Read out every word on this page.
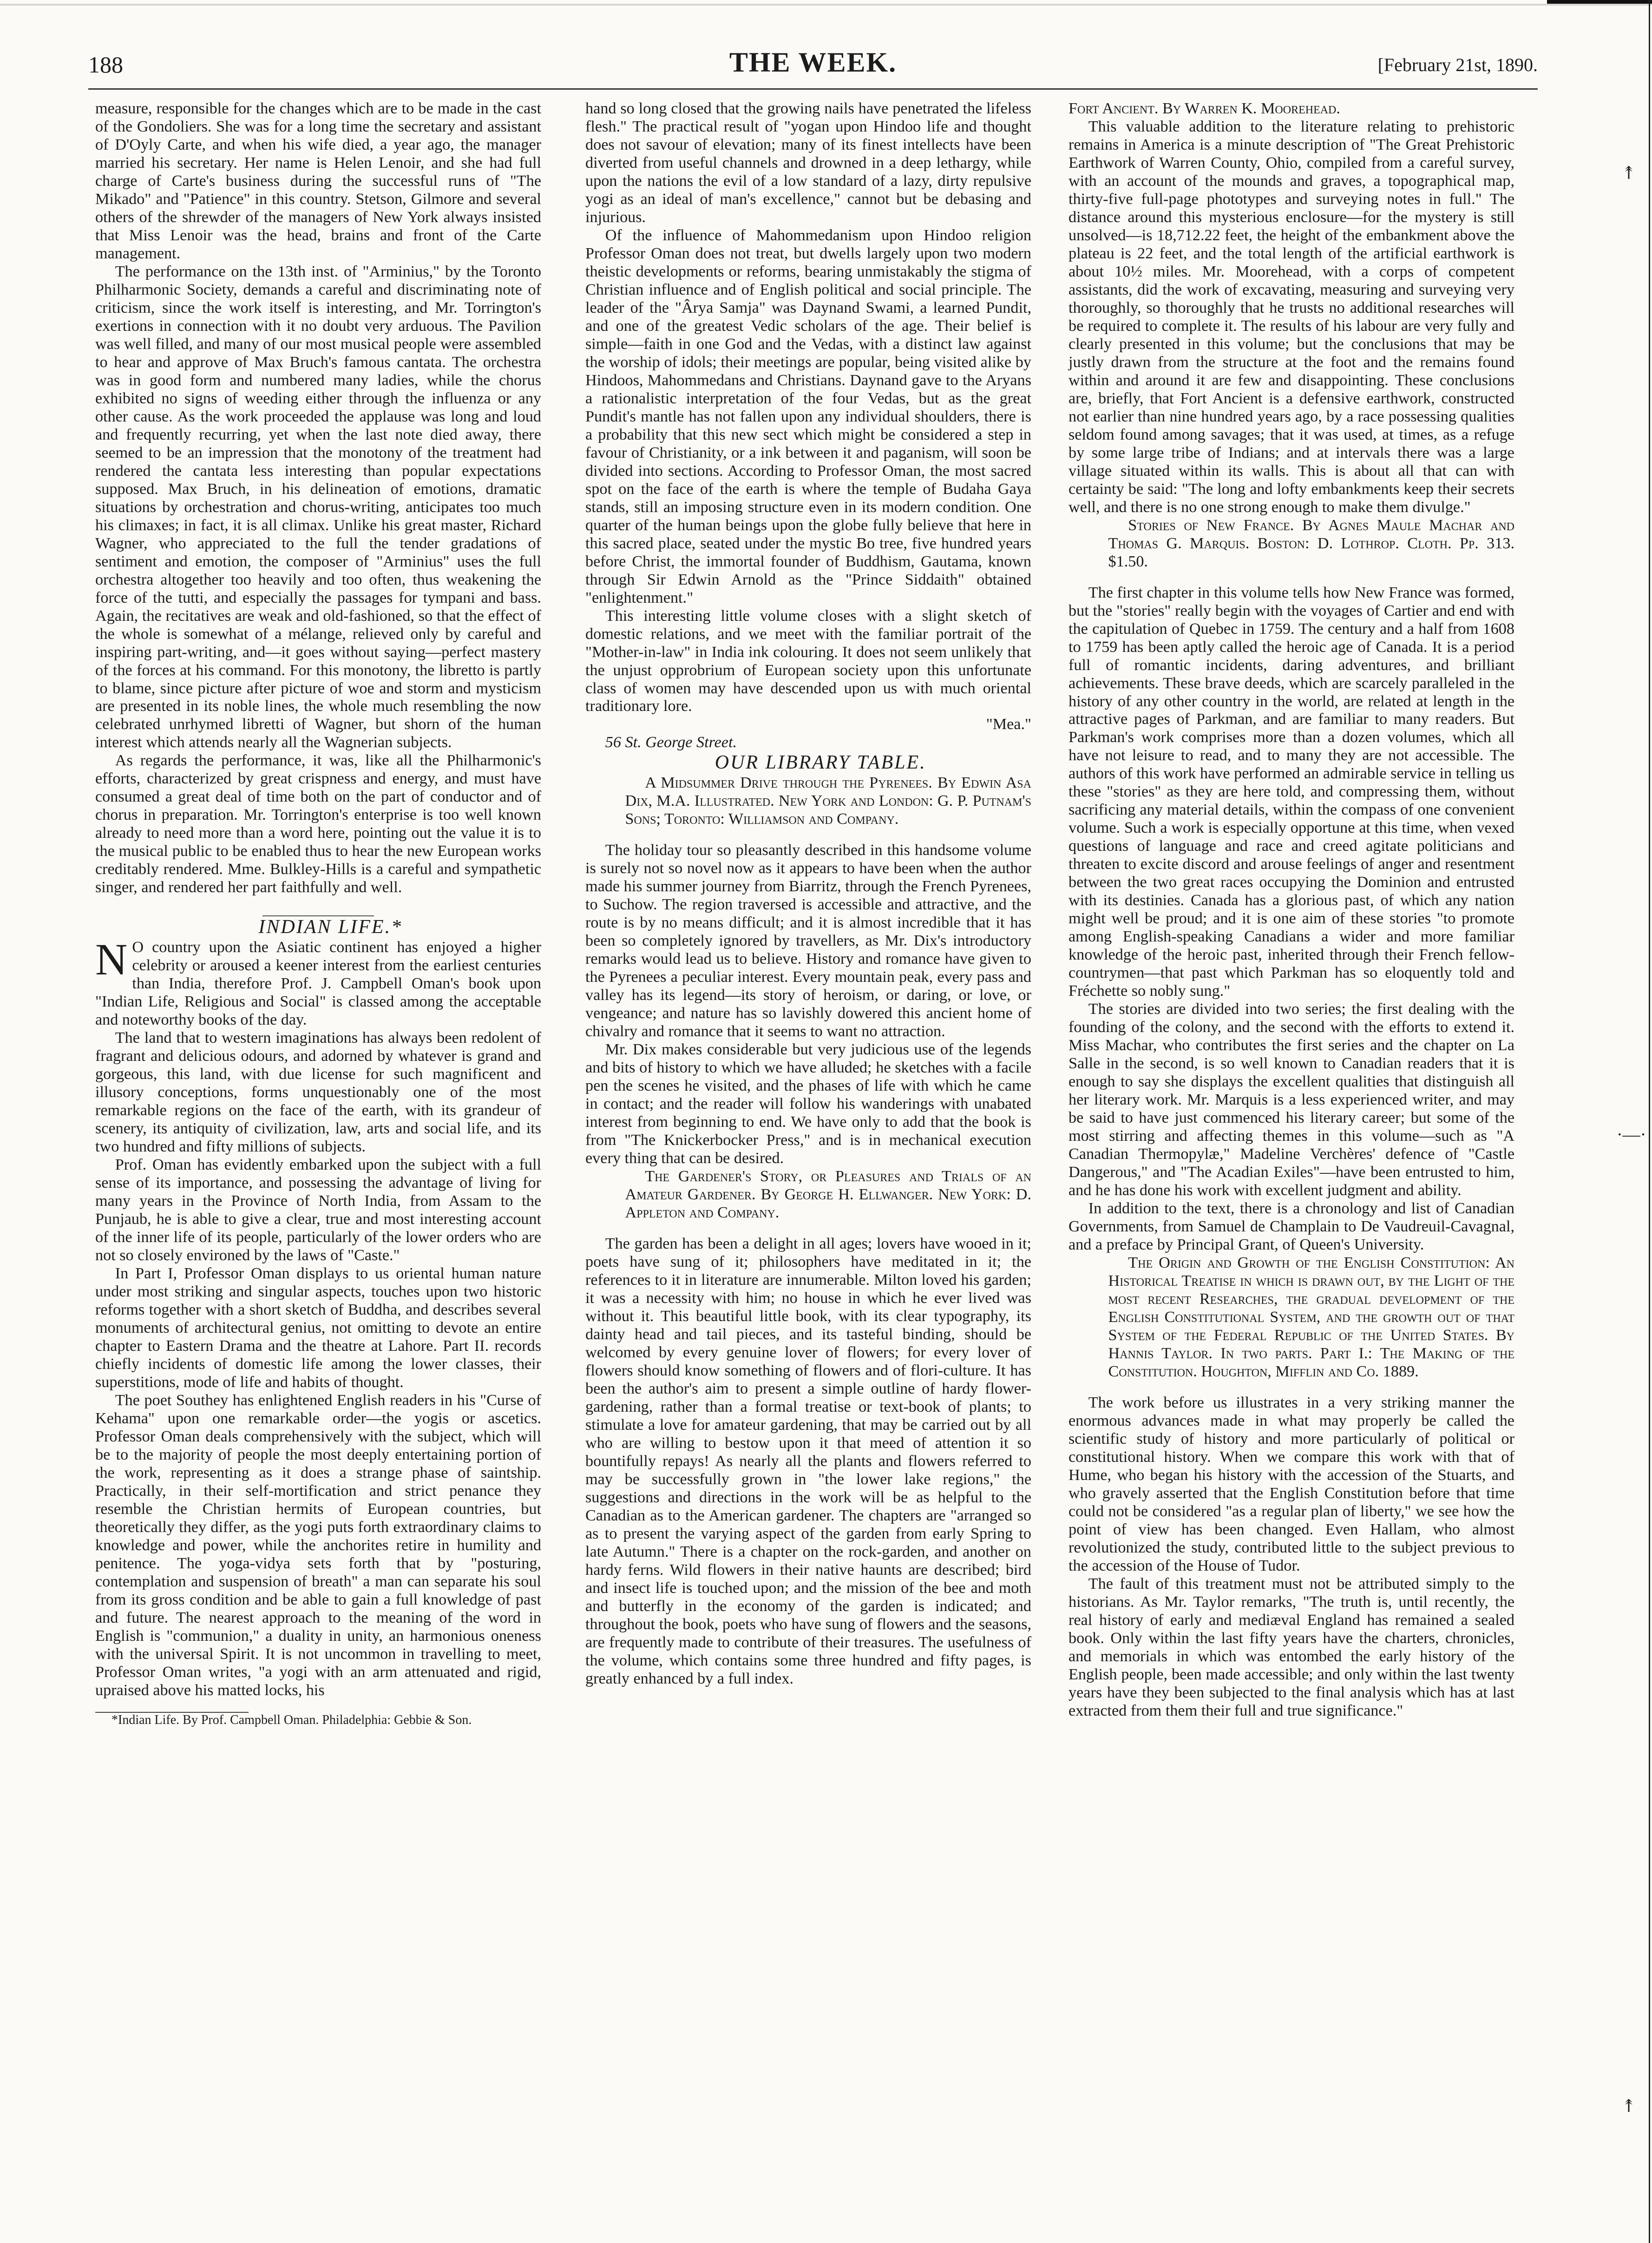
188	THE WEEK.	[February 21st, 1890.

measure, responsible for the changes which are to be made in the cast of the Gondoliers. She was for a long time the secretary and assistant of D'Oyly Carte, and when his wife died, a year ago, the manager married his secretary. Her name is Helen Lenoir, and she had full charge of Carte's business during the successful runs of "The Mikado" and "Patience" in this country. Stetson, Gilmore and several others of the shrewder of the managers of New York always insisted that Miss Lenoir was the head, brains and front of the Carte management.

The performance on the 13th inst. of "Arminius," by the Toronto Philharmonic Society, demands a careful and discriminating note of criticism, since the work itself is interesting, and Mr. Torrington's exertions in connection with it no doubt very arduous. The Pavilion was well filled, and many of our most musical people were assembled to hear and approve of Max Bruch's famous cantata. The orchestra was in good form and numbered many ladies, while the chorus exhibited no signs of weeding either through the influenza or any other cause. As the work proceeded the applause was long and loud and frequently recurring, yet when the last note died away, there seemed to be an impression that the monotony of the treatment had rendered the cantata less interesting than popular expectations supposed. Max Bruch, in his delineation of emotions, dramatic situations by orchestration and chorus-writing, anticipates too much his climaxes; in fact, it is all climax. Unlike his great master, Richard Wagner, who appreciated to the full the tender gradations of sentiment and emotion, the composer of "Arminius" uses the full orchestra altogether too heavily and too often, thus weakening the force of the tutti, and especially the passages for tympani and bass. Again, the recitatives are weak and old-fashioned, so that the effect of the whole is somewhat of a mélange, relieved only by careful and inspiring part-writing, and—it goes without saying—perfect mastery of the forces at his command. For this monotony, the libretto is partly to blame, since picture after picture of woe and storm and mysticism are presented in its noble lines, the whole much resembling the now celebrated unrhymed libretti of Wagner, but shorn of the human interest which attends nearly all the Wagnerian subjects.

As regards the performance, it was, like all the Philharmonic's efforts, characterized by great crispness and energy, and must have consumed a great deal of time both on the part of conductor and of chorus in preparation. Mr. Torrington's enterprise is too well known already to need more than a word here, pointing out the value it is to the musical public to be enabled thus to hear the new European works creditably rendered. Mme. Bulkley-Hills is a careful and sympathetic singer, and rendered her part faithfully and well.

INDIAN LIFE.*

N O country upon the Asiatic continent has enjoyed a higher celebrity or aroused a keener interest from the earliest centuries than India, therefore Prof. J. Campbell Oman's book upon "Indian Life, Religious and Social" is classed among the acceptable and noteworthy books of the day.

The land that to western imaginations has always been redolent of fragrant and delicious odours, and adorned by whatever is grand and gorgeous, this land, with due license for such magnificent and illusory conceptions, forms unquestionably one of the most remarkable regions on the face of the earth, with its grandeur of scenery, its antiquity of civilization, law, arts and social life, and its two hundred and fifty millions of subjects.

Prof. Oman has evidently embarked upon the subject with a full sense of its importance, and possessing the advantage of living for many years in the Province of North India, from Assam to the Punjaub, he is able to give a clear, true and most interesting account of the inner life of its people, particularly of the lower orders who are not so closely environed by the laws of "Caste."

In Part I, Professor Oman displays to us oriental human nature under most striking and singular aspects, touches upon two historic reforms together with a short sketch of Buddha, and describes several monuments of architectural genius, not omitting to devote an entire chapter to Eastern Drama and the theatre at Lahore. Part II. records chiefly incidents of domestic life among the lower classes, their superstitions, mode of life and habits of thought.

The poet Southey has enlightened English readers in his "Curse of Kehama" upon one remarkable order—the yogis or ascetics. Professor Oman deals comprehensively with the subject, which will be to the majority of people the most deeply entertaining portion of the work, representing as it does a strange phase of saintship. Practically, in their self-mortification and strict penance they resemble the Christian hermits of European countries, but theoretically they differ, as the yogi puts forth extraordinary claims to knowledge and power, while the anchorites retire in humility and penitence. The yoga-vidya sets forth that by "posturing, contemplation and suspension of breath" a man can separate his soul from its gross condition and be able to gain a full knowledge of past and future. The nearest approach to the meaning of the word in English is "communion," a duality in unity, an harmonious oneness with the universal Spirit. It is not uncommon in travelling to meet, Professor Oman writes, "a yogi with an arm attenuated and rigid, upraised above his matted locks, his

*Indian Life. By Prof. Campbell Oman. Philadelphia: Gebbie & Son.

hand so long closed that the growing nails have penetrated the lifeless flesh." The practical result of "yogan upon Hindoo life and thought does not savour of elevation; many of its finest intellects have been diverted from useful channels and drowned in a deep lethargy, while upon the nations the evil of a low standard of a lazy, dirty repulsive yogi as an ideal of man's excellence," cannot but be debasing and injurious.

Of the influence of Mahommedanism upon Hindoo religion Professor Oman does not treat, but dwells largely upon two modern theistic developments or reforms, bearing unmistakably the stigma of Christian influence and of English political and social principle. The leader of the "Ârya Samja" was Daynand Swami, a learned Pundit, and one of the greatest Vedic scholars of the age. Their belief is simple—faith in one God and the Vedas, with a distinct law against the worship of idols; their meetings are popular, being visited alike by Hindoos, Mahommedans and Christians. Daynand gave to the Aryans a rationalistic interpretation of the four Vedas, but as the great Pundit's mantle has not fallen upon any individual shoulders, there is a probability that this new sect which might be considered a step in favour of Christianity, or a ink between it and paganism, will soon be divided into sections. According to Professor Oman, the most sacred spot on the face of the earth is where the temple of Budaha Gaya stands, still an imposing structure even in its modern condition. One quarter of the human beings upon the globe fully believe that here in this sacred place, seated under the mystic Bo tree, five hundred years before Christ, the immortal founder of Buddhism, Gautama, known through Sir Edwin Arnold as the "Prince Siddaith" obtained "enlightenment."

This interesting little volume closes with a slight sketch of domestic relations, and we meet with the familiar portrait of the "Mother-in-law" in India ink colouring. It does not seem unlikely that the unjust opprobrium of European society upon this unfortunate class of women may have descended upon us with much oriental traditionary lore.

"Mea."

56 St. George Street.

OUR LIBRARY TABLE.

A Midsummer Drive through the Pyrenees. By Edwin Asa Dix, M.A. Illustrated. New York and London: G. P. Putnam's Sons; Toronto: Williamson and Company.

The holiday tour so pleasantly described in this handsome volume is surely not so novel now as it appears to have been when the author made his summer journey from Biarritz, through the French Pyrenees, to Suchow. The region traversed is accessible and attractive, and the route is by no means difficult; and it is almost incredible that it has been so completely ignored by travellers, as Mr. Dix's introductory remarks would lead us to believe. History and romance have given to the Pyrenees a peculiar interest. Every mountain peak, every pass and valley has its legend—its story of heroism, or daring, or love, or vengeance; and nature has so lavishly dowered this ancient home of chivalry and romance that it seems to want no attraction.

Mr. Dix makes considerable but very judicious use of the legends and bits of history to which we have alluded; he sketches with a facile pen the scenes he visited, and the phases of life with which he came in contact; and the reader will follow his wanderings with unabated interest from beginning to end. We have only to add that the book is from "The Knickerbocker Press," and is in mechanical execution every thing that can be desired.

The Gardener's Story, or Pleasures and Trials of an Amateur Gardener. By George H. Ellwanger. New York: D. Appleton and Company.

The garden has been a delight in all ages; lovers have wooed in it; poets have sung of it; philosophers have meditated in it; the references to it in literature are innumerable. Milton loved his garden; it was a necessity with him; no house in which he ever lived was without it. This beautiful little book, with its clear typography, its dainty head and tail pieces, and its tasteful binding, should be welcomed by every genuine lover of flowers; for every lover of flowers should know something of flowers and of flori-culture. It has been the author's aim to present a simple outline of hardy flower-gardening, rather than a formal treatise or text-book of plants; to stimulate a love for amateur gardening, that may be carried out by all who are willing to bestow upon it that meed of attention it so bountifully repays! As nearly all the plants and flowers referred to may be successfully grown in "the lower lake regions," the suggestions and directions in the work will be as helpful to the Canadian as to the American gardener. The chapters are "arranged so as to present the varying aspect of the garden from early Spring to late Autumn." There is a chapter on the rock-garden, and another on hardy ferns. Wild flowers in their native haunts are described; bird and insect life is touched upon; and the mission of the bee and moth and butterfly in the economy of the garden is indicated; and throughout the book, poets who have sung of flowers and the seasons, are frequently made to contribute of their treasures. The usefulness of the volume, which contains some three hundred and fifty pages, is greatly enhanced by a full index.

Fort Ancient. By Warren K. Moorehead.

This valuable addition to the literature relating to prehistoric remains in America is a minute description of "The Great Prehistoric Earthwork of Warren County, Ohio, compiled from a careful survey, with an account of the mounds and graves, a topographical map, thirty-five full-page phototypes and surveying notes in full." The distance around this mysterious enclosure—for the mystery is still unsolved—is 18,712.22 feet, the height of the embankment above the plateau is 22 feet, and the total length of the artificial earthwork is about 10½ miles. Mr. Moorehead, with a corps of competent assistants, did the work of excavating, measuring and surveying very thoroughly, so thoroughly that he trusts no additional researches will be required to complete it. The results of his labour are very fully and clearly presented in this volume; but the conclusions that may be justly drawn from the structure at the foot and the remains found within and around it are few and disappointing. These conclusions are, briefly, that Fort Ancient is a defensive earthwork, constructed not earlier than nine hundred years ago, by a race possessing qualities seldom found among savages; that it was used, at times, as a refuge by some large tribe of Indians; and at intervals there was a large village situated within its walls. This is about all that can with certainty be said: "The long and lofty embankments keep their secrets well, and there is no one strong enough to make them divulge."

Stories of New France. By Agnes Maule Machar and Thomas G. Marquis. Boston: D. Lothrop. Cloth. Pp. 313. $1.50.

The first chapter in this volume tells how New France was formed, but the "stories" really begin with the voyages of Cartier and end with the capitulation of Quebec in 1759. The century and a half from 1608 to 1759 has been aptly called the heroic age of Canada. It is a period full of romantic incidents, daring adventures, and brilliant achievements. These brave deeds, which are scarcely paralleled in the history of any other country in the world, are related at length in the attractive pages of Parkman, and are familiar to many readers. But Parkman's work comprises more than a dozen volumes, which all have not leisure to read, and to many they are not accessible. The authors of this work have performed an admirable service in telling us these "stories" as they are here told, and compressing them, without sacrificing any material details, within the compass of one convenient volume. Such a work is especially opportune at this time, when vexed questions of language and race and creed agitate politicians and threaten to excite discord and arouse feelings of anger and resentment between the two great races occupying the Dominion and entrusted with its destinies. Canada has a glorious past, of which any nation might well be proud; and it is one aim of these stories "to promote among English-speaking Canadians a wider and more familiar knowledge of the heroic past, inherited through their French fellow-countrymen—that past which Parkman has so eloquently told and Fréchette so nobly sung."

The stories are divided into two series; the first dealing with the founding of the colony, and the second with the efforts to extend it. Miss Machar, who contributes the first series and the chapter on La Salle in the second, is so well known to Canadian readers that it is enough to say she displays the excellent qualities that distinguish all her literary work. Mr. Marquis is a less experienced writer, and may be said to have just commenced his literary career; but some of the most stirring and affecting themes in this volume—such as "A Canadian Thermopylæ," Madeline Verchères' defence of "Castle Dangerous," and "The Acadian Exiles"—have been entrusted to him, and he has done his work with excellent judgment and ability.

In addition to the text, there is a chronology and list of Canadian Governments, from Samuel de Champlain to De Vaudreuil-Cavagnal, and a preface by Principal Grant, of Queen's University.

The Origin and Growth of the English Constitution: An Historical Treatise in which is drawn out, by the Light of the most recent Researches, the gradual development of the English Constitutional System, and the growth out of that System of the Federal Republic of the United States. By Hannis Taylor. In two parts. Part I.: The Making of the Constitution. Houghton, Mifflin and Co. 1889.

The work before us illustrates in a very striking manner the enormous advances made in what may properly be called the scientific study of history and more particularly of political or constitutional history. When we compare this work with that of Hume, who began his history with the accession of the Stuarts, and who gravely asserted that the English Constitution before that time could not be considered "as a regular plan of liberty," we see how the point of view has been changed. Even Hallam, who almost revolutionized the study, contributed little to the subject previous to the accession of the House of Tudor.

The fault of this treatment must not be attributed simply to the historians. As Mr. Taylor remarks, "The truth is, until recently, the real history of early and mediæval England has remained a sealed book. Only within the last fifty years have the charters, chronicles, and memorials in which was entombed the early history of the English people, been made accessible; and only within the last twenty years have they been subjected to the final analysis which has at last extracted from them their full and true significance."

↟
·—·
↟
